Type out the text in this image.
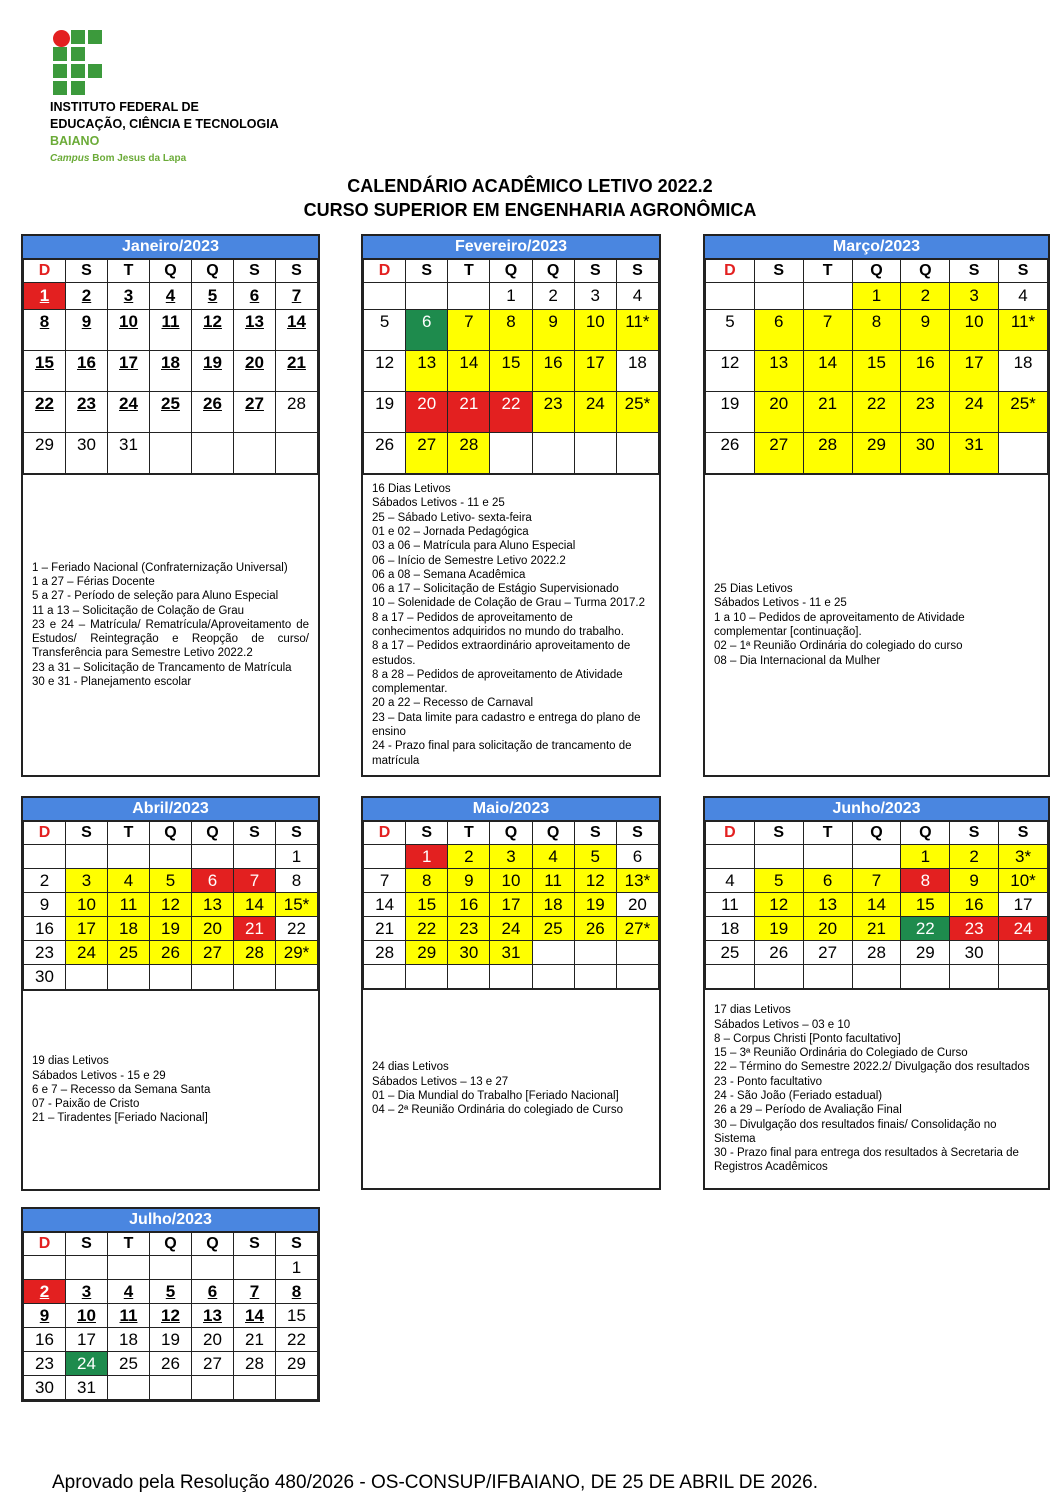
INSTITUTO FEDERAL DE
EDUCAÇÃO, CIÊNCIA E TECNOLOGIA
BAIANO
Campus Bom Jesus da Lapa
CALENDÁRIO ACADÊMICO LETIVO 2022.2
CURSO SUPERIOR EM ENGENHARIA AGRONÔMICA
Janeiro/2023
D	S	T	Q	Q	S	S
1	2	3	4	5	6	7
8	9	10	11	12	13	14
15	16	17	18	19	20	21
22	23	24	25	26	27	28
29	30	31				
1 – Feriado Nacional (Confraternização Universal)
1 a 27 – Férias Docente
5 a 27 - Período de seleção para Aluno Especial
11 a 13 – Solicitação de Colação de Grau
23 e 24 – Matrícula/ Rematrícula/Aproveitamento de Estudos/ Reintegração e Reopção de curso/ Transferência para Semestre Letivo 2022.2
23 a 31 – Solicitação de Trancamento de Matrícula
30 e 31 - Planejamento escolar
Fevereiro/2023
D	S	T	Q	Q	S	S
			1	2	3	4
5	6	7	8	9	10	11*
12	13	14	15	16	17	18
19	20	21	22	23	24	25*
26	27	28				
16 Dias Letivos
Sábados Letivos - 11 e 25
25 – Sábado Letivo- sexta-feira
01 e 02 – Jornada Pedagógica
03 a 06 – Matrícula para Aluno Especial
06 – Início de Semestre Letivo 2022.2
06 a 08 – Semana Acadêmica
06 a 17 – Solicitação de Estágio Supervisionado
10 – Solenidade de Colação de Grau – Turma 2017.2
8 a 17 – Pedidos de aproveitamento de conhecimentos adquiridos no mundo do trabalho.
8 a 17 – Pedidos extraordinário aproveitamento de estudos.
8 a 28 – Pedidos de aproveitamento de Atividade complementar.
20 a 22 – Recesso de Carnaval
23 – Data limite para cadastro e entrega do plano de ensino
24 - Prazo final para solicitação de trancamento de matrícula
Março/2023
D	S	T	Q	Q	S	S
			1	2	3	4
5	6	7	8	9	10	11*
12	13	14	15	16	17	18
19	20	21	22	23	24	25*
26	27	28	29	30	31	
25 Dias Letivos
Sábados Letivos - 11 e 25
1 a 10 – Pedidos de aproveitamento de Atividade complementar [continuação].
02 – 1ª Reunião Ordinária do colegiado do curso
08 – Dia Internacional da Mulher
Abril/2023
D	S	T	Q	Q	S	S
						1
2	3	4	5	6	7	8
9	10	11	12	13	14	15*
16	17	18	19	20	21	22
23	24	25	26	27	28	29*
30						
19 dias Letivos
Sábados Letivos - 15 e 29
6 e 7 – Recesso da Semana Santa
07 - Paixão de Cristo
21 – Tiradentes [Feriado Nacional]
Maio/2023
D	S	T	Q	Q	S	S
	1	2	3	4	5	6
7	8	9	10	11	12	13*
14	15	16	17	18	19	20
21	22	23	24	25	26	27*
28	29	30	31			

24 dias Letivos
Sábados Letivos – 13 e 27
01 – Dia Mundial do Trabalho [Feriado Nacional]
04 – 2ª Reunião Ordinária do colegiado de Curso
Junho/2023
D	S	T	Q	Q	S	S
				1	2	3*
4	5	6	7	8	9	10*
11	12	13	14	15	16	17
18	19	20	21	22	23	24
25	26	27	28	29	30	

17 dias Letivos
Sábados Letivos – 03 e 10
8 – Corpus Christi [Ponto facultativo]
15 – 3ª Reunião Ordinária do Colegiado de Curso
22 – Término do Semestre 2022.2/ Divulgação dos resultados
23 - Ponto facultativo
24 - São João (Feriado estadual)
26 a 29 – Período de Avaliação Final
30 – Divulgação dos resultados finais/ Consolidação no Sistema
30 - Prazo final para entrega dos resultados à Secretaria de Registros Acadêmicos
Julho/2023
D	S	T	Q	Q	S	S
						1
2	3	4	5	6	7	8
9	10	11	12	13	14	15
16	17	18	19	20	21	22
23	24	25	26	27	28	29
30	31					
Aprovado pela Resolução 480/2026 - OS-CONSUP/IFBAIANO, DE 25 DE ABRIL DE 2026.
